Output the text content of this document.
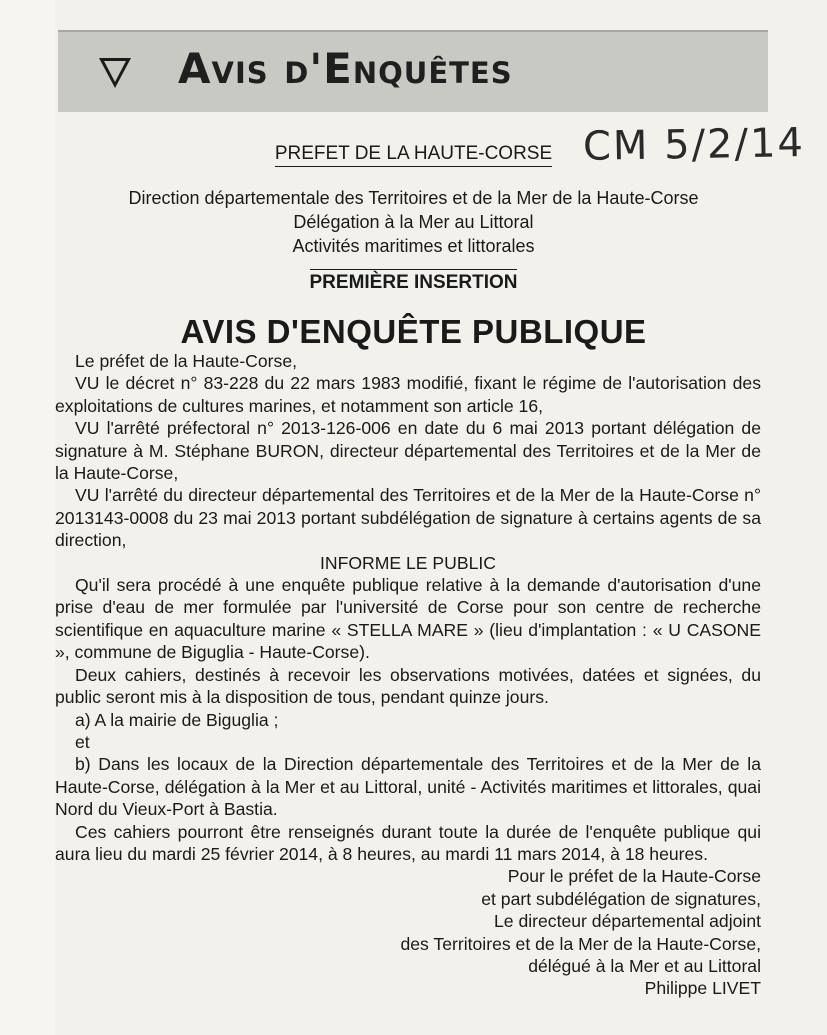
Avis d'Enquêtes
CM 5/2/14
PREFET DE LA HAUTE-CORSE
Direction départementale des Territoires et de la Mer de la Haute-Corse
Délégation à la Mer au Littoral
Activités maritimes et littorales
PREMIÈRE INSERTION
AVIS D'ENQUÊTE PUBLIQUE

Le préfet de la Haute-Corse,

VU le décret n° 83-228 du 22 mars 1983 modifié, fixant le régime de l'autorisation des exploitations de cultures marines, et notamment son article 16,

VU l'arrêté préfectoral n° 2013-126-006 en date du 6 mai 2013 portant délégation de signature à M. Stéphane BURON, directeur départemental des Territoires et de la Mer de la Haute-Corse,

VU l'arrêté du directeur départemental des Territoires et de la Mer de la Haute-Corse n° 2013143-0008 du 23 mai 2013 portant subdélégation de signature à certains agents de sa direction,

INFORME LE PUBLIC

Qu'il sera procédé à une enquête publique relative à la demande d'autorisation d'une prise d'eau de mer formulée par l'université de Corse pour son centre de recherche scientifique en aquaculture marine « STELLA MARE » (lieu d'implantation : « U CASONE », commune de Biguglia - Haute-Corse).

Deux cahiers, destinés à recevoir les observations motivées, datées et signées, du public seront mis à la disposition de tous, pendant quinze jours.

a) A la mairie de Biguglia ;

et

b) Dans les locaux de la Direction départementale des Territoires et de la Mer de la Haute-Corse, délégation à la Mer et au Littoral, unité - Activités maritimes et littorales, quai Nord du Vieux-Port à Bastia.

Ces cahiers pourront être renseignés durant toute la durée de l'enquête publique qui aura lieu du mardi 25 février 2014, à 8 heures, au mardi 11 mars 2014, à 18 heures.

Pour le préfet de la Haute-Corse

et part subdélégation de signatures,

Le directeur départemental adjoint

des Territoires et de la Mer de la Haute-Corse,

délégué à la Mer et au Littoral

Philippe LIVET
